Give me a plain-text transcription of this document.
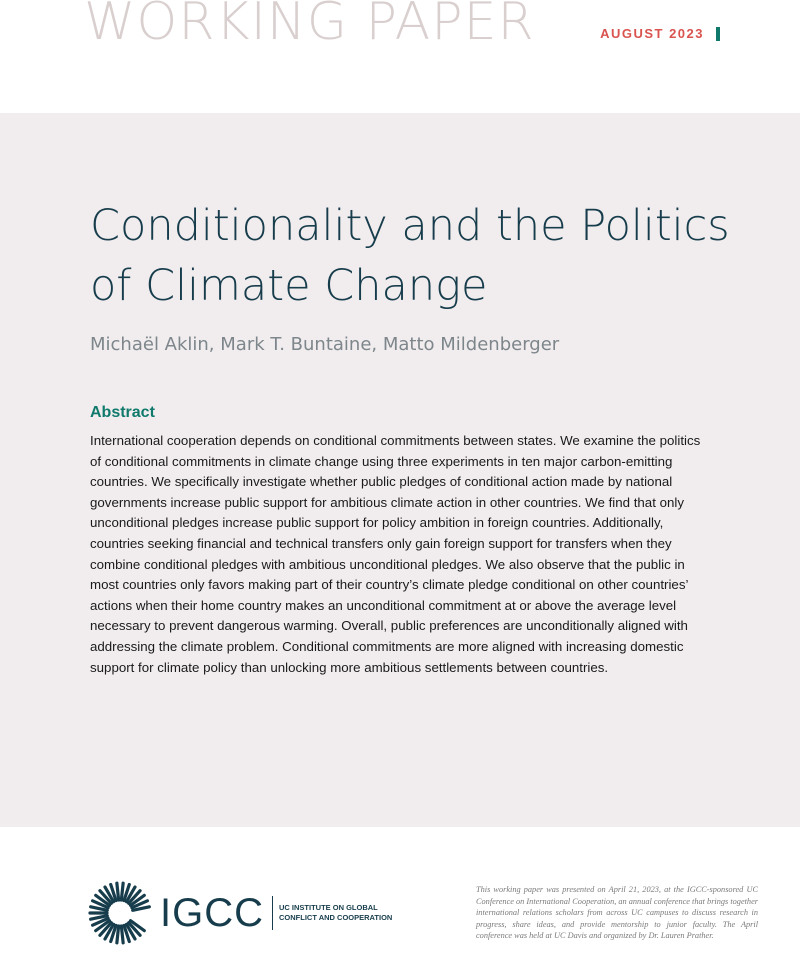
WORKING PAPER	AUGUST 2023
Conditionality and the Politics of Climate Change
Michaël Aklin, Mark T. Buntaine, Matto Mildenberger
Abstract

International cooperation depends on conditional commitments between states. We examine the politics of conditional commitments in climate change using three experiments in ten major carbon-emitting countries. We specifically investigate whether public pledges of conditional action made by national governments increase public support for ambitious climate action in other countries. We find that only unconditional pledges increase public support for policy ambition in foreign countries. Additionally, countries seeking financial and technical transfers only gain foreign support for transfers when they combine conditional pledges with ambitious unconditional pledges. We also observe that the public in most countries only favors making part of their country’s climate pledge conditional on other countries’ actions when their home country makes an unconditional commitment at or above the average level necessary to prevent dangerous warming. Overall, public preferences are unconditionally aligned with addressing the climate problem. Conditional commitments are more aligned with increasing domestic support for climate policy than unlocking more ambitious settlements between countries.

IGCC UC INSTITUTE ON GLOBAL CONFLICT AND COOPERATION

This working paper was presented on April 21, 2023, at the IGCC-sponsored UC Conference on International Cooperation, an annual conference that brings together international relations scholars from across UC campuses to discuss research in progress, share ideas, and provide mentorship to junior faculty. The April conference was held at UC Davis and organized by Dr. Lauren Prather.
